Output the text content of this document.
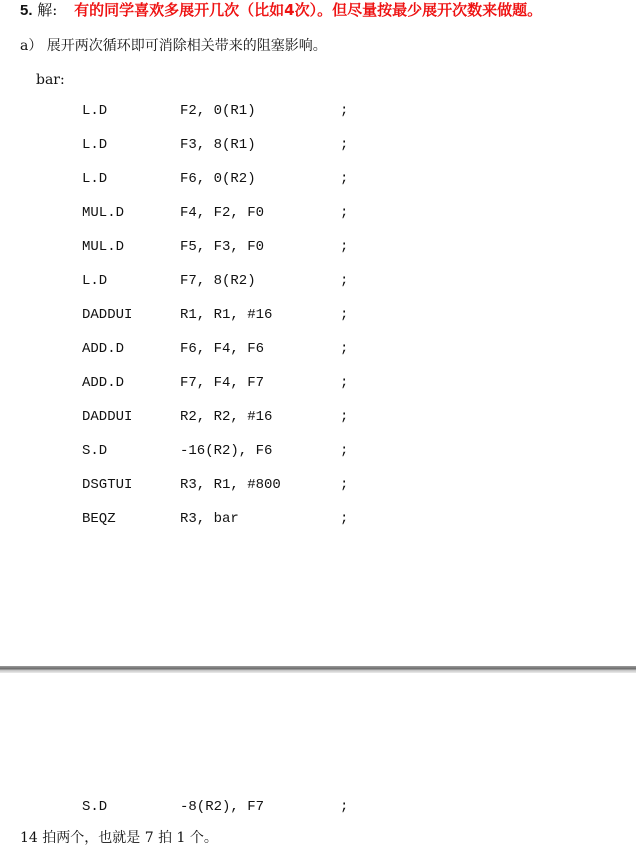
5. 解: 有的同学喜欢多展开几次（比如4次）。但尽量按最少展开次数来做题。
a） 展开两次循环即可消除相关带来的阻塞影响。
bar:
L.D	F2, 0(R1)	;
L.D	F3, 8(R1)	;
L.D	F6, 0(R2)	;
MUL.D	F4, F2, F0	;
MUL.D	F5, F3, F0	;
L.D	F7, 8(R2)	;
DADDUI	R1, R1, #16	;
ADD.D	F6, F4, F6	;
ADD.D	F7, F4, F7	;
DADDUI	R2, R2, #16	;
S.D	-16(R2), F6	;
DSGTUI	R3, R1, #800	;
BEQZ	R3, bar	;
S.D	-8(R2), F7	;
14 拍两个，也就是 7 拍 1 个。
